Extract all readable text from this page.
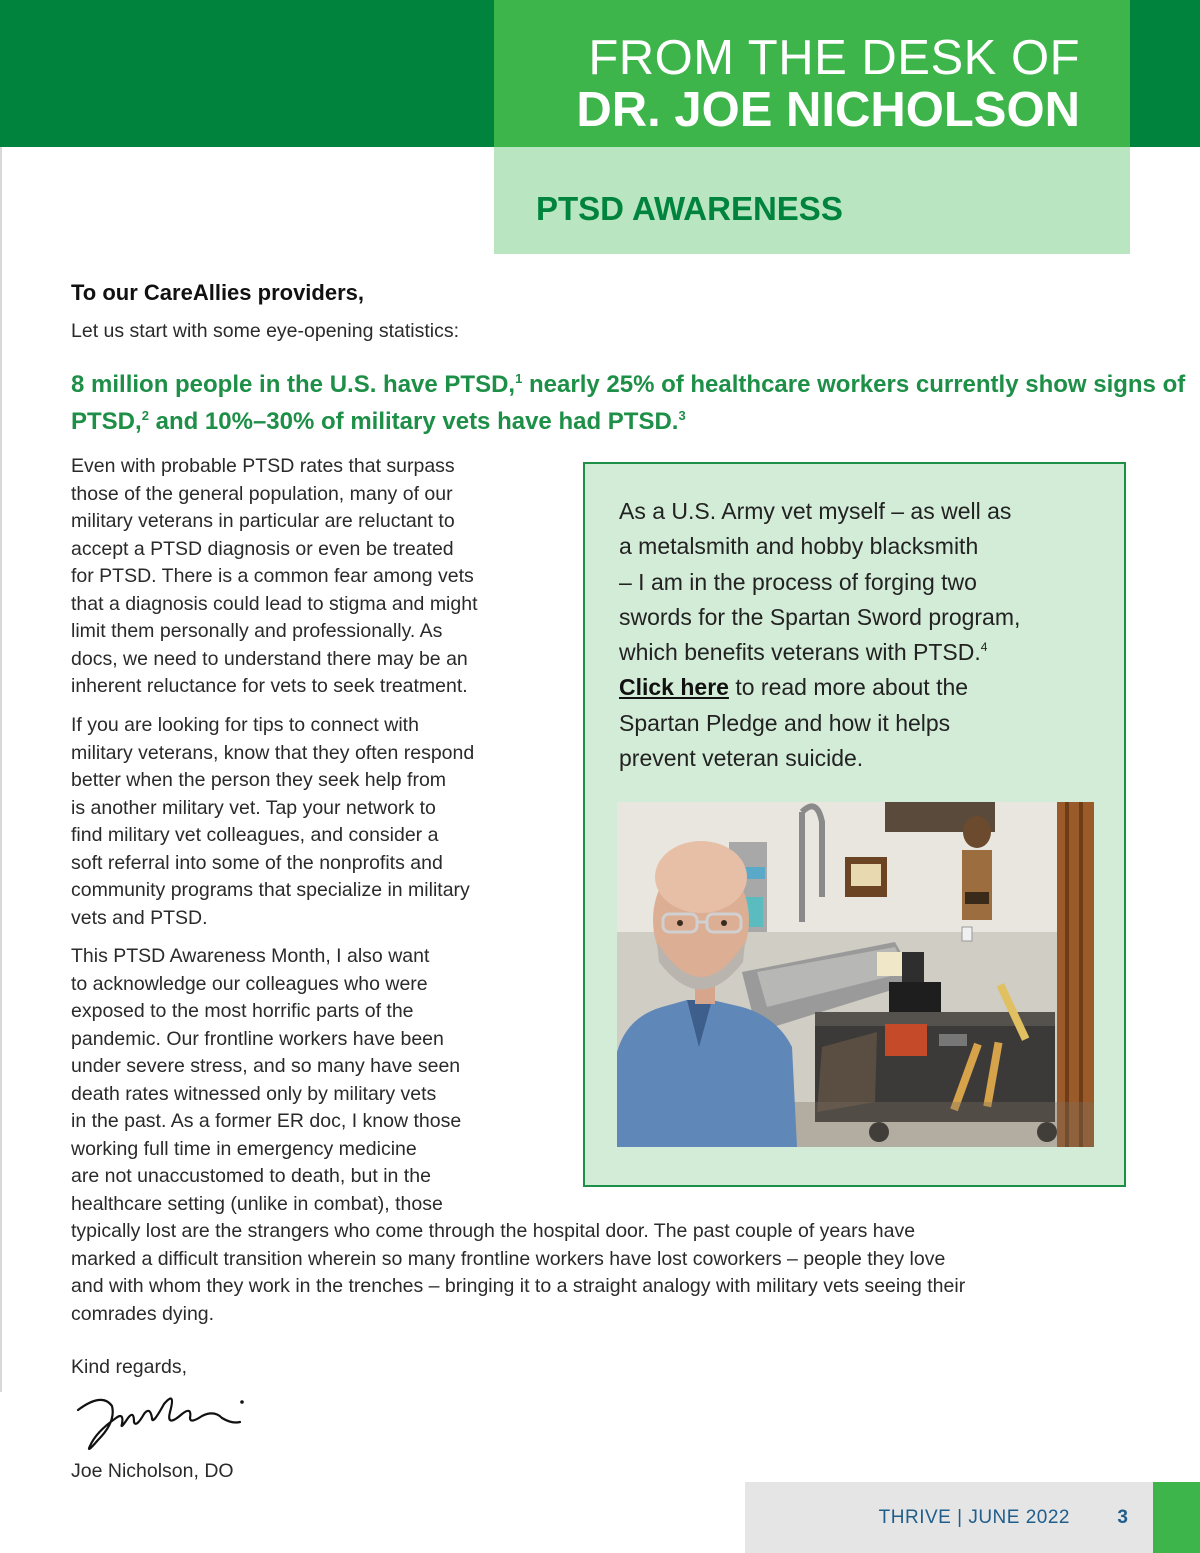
FROM THE DESK OF
DR. JOE NICHOLSON
PTSD AWARENESS
To our CareAllies providers,
Let us start with some eye-opening statistics:
8 million people in the U.S. have PTSD,$^1$ nearly 25% of healthcare workers currently show signs of PTSD,$^2$ and 10%–30% of military vets have had PTSD.$^3$

Even with probable PTSD rates that surpass

those of the general population, many of our

military veterans in particular are reluctant to

accept a PTSD diagnosis or even be treated

for PTSD. There is a common fear among vets

that a diagnosis could lead to stigma and might

limit them personally and professionally. As

docs, we need to understand there may be an

inherent reluctance for vets to seek treatment.

If you are looking for tips to connect with

military veterans, know that they often respond

better when the person they seek help from

is another military vet. Tap your network to

find military vet colleagues, and consider a

soft referral into some of the nonprofits and

community programs that specialize in military

vets and PTSD.

This PTSD Awareness Month, I also want

to acknowledge our colleagues who were

exposed to the most horrific parts of the

pandemic. Our frontline workers have been

under severe stress, and so many have seen

death rates witnessed only by military vets

in the past. As a former ER doc, I know those

working full time in emergency medicine

are not unaccustomed to death, but in the

healthcare setting (unlike in combat), those

As a U.S. Army vet myself – as well as
a metalsmith and hobby blacksmith
– I am in the process of forging two
swords for the Spartan Sword program,
which benefits veterans with PTSD.$^4$
Click here to read more about the
Spartan Pledge and how it helps
prevent veteran suicide.
typically lost are the strangers who come through the hospital door. The past couple of years have
marked a difficult transition wherein so many frontline workers have lost coworkers – people they love
and with whom they work in the trenches – bringing it to a straight analogy with military vets seeing their
comrades dying.
Kind regards,
Joe Nicholson, DO
THRIVE | JUNE 2022 3
